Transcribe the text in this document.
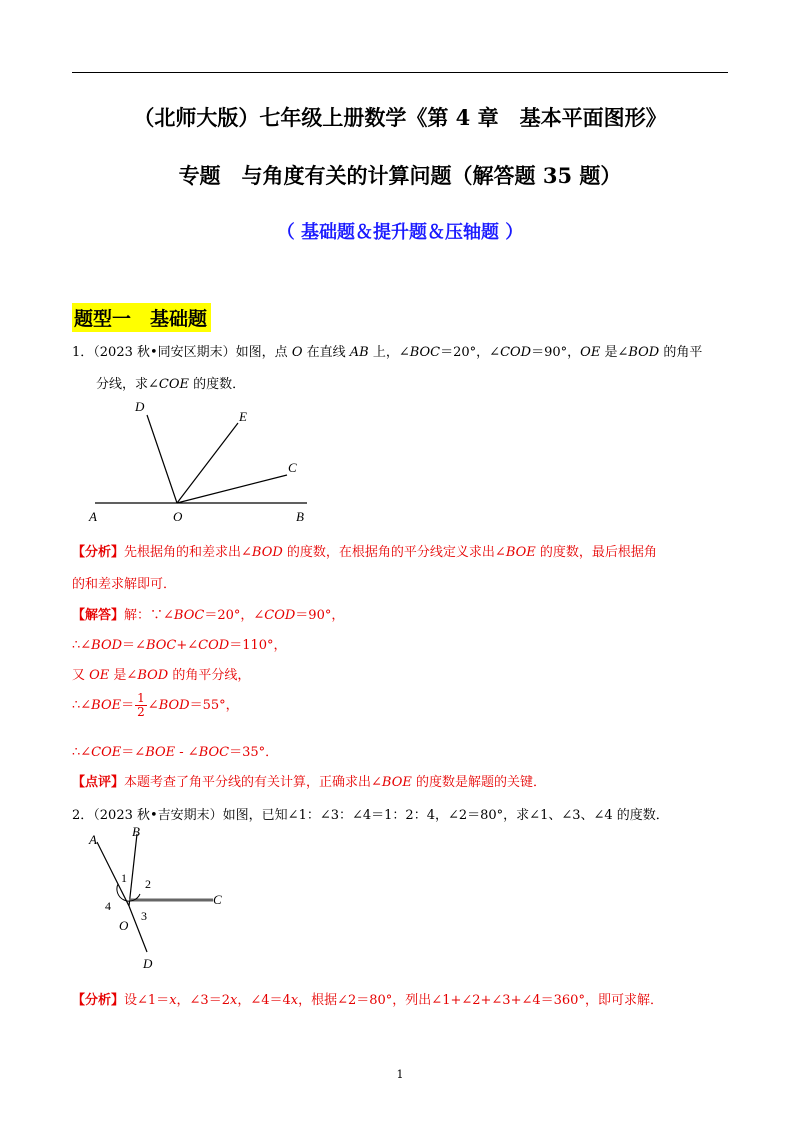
（北师大版）七年级上册数学《第 4 章　基本平面图形》
专题　与角度有关的计算问题（解答题 35 题）
（ 基础题＆提升题＆压轴题 ）
题型一　基础题
1．（2023 秋•同安区期末）如图，点 O 在直线 AB 上，∠BOC＝20°，∠COD＝90°，OE 是∠BOD 的角平
分线，求∠COE 的度数．
D
E
C
A	O	B
【分析】先根据角的和差求出∠BOD 的度数，在根据角的平分线定义求出∠BOE 的度数，最后根据角
的和差求解即可．
【解答】解：∵∠BOC＝20°，∠COD＝90°，
∴∠BOD＝∠BOC+∠COD＝110°，
又 OE 是∠BOD 的角平分线，
∴∠BOE＝ $\frac{1}{2}$ ∠BOD＝55°，
∴∠COE＝∠BOE - ∠BOC＝35°．
【点评】本题考查了角平分线的有关计算，正确求出∠BOE 的度数是解题的关键．
2．（2023 秋•吉安期末）如图，已知∠1：∠3：∠4＝1：2：4，∠2＝80°，求∠1、∠3、∠4 的度数．
A
B
C
O
D
1 2
3
4
【分析】设∠1＝x，∠3＝2x，∠4＝4x，根据∠2＝80°，列出∠1+∠2+∠3+∠4＝360°，即可求解．
1
